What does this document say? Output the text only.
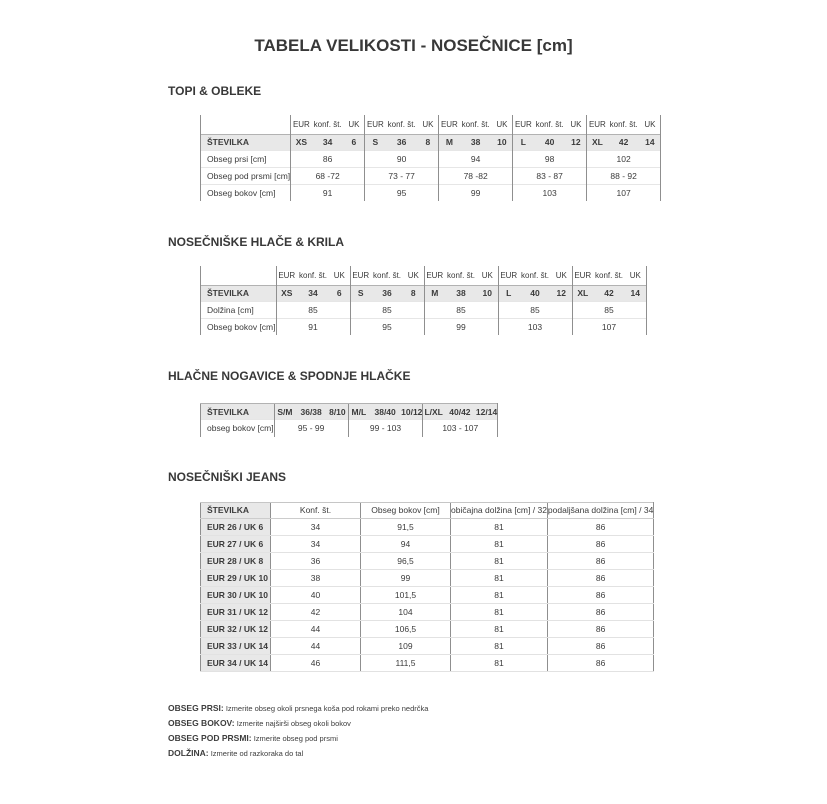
TABELA VELIKOSTI - NOSEČNICE [cm]
TOPI & OBLEKE
	EUR	konf. št.	UK	EUR	konf. št.	UK	EUR	konf. št.	UK	EUR	konf. št.	UK	EUR	konf. št.	UK
ŠTEVILKA	XS	34	6	S	36	8	M	38	10	L	40	12	XL	42	14
Obseg prsi [cm]	86			90			94			98			102		
Obseg pod prsmi [cm]	68 -72			73 - 77			78 -82			83 - 87			88 - 92		
Obseg bokov [cm]	91			95			99			103			107		
NOSEČNIŠKE HLAČE & KRILA
	EUR	konf. št.	UK	EUR	konf. št.	UK	EUR	konf. št.	UK	EUR	konf. št.	UK	EUR	konf. št.	UK
ŠTEVILKA	XS	34	6	S	36	8	M	38	10	L	40	12	XL	42	14
Dolžina [cm]	85			85			85			85			85		
Obseg bokov [cm]	91			95			99			103			107		
HLAČNE NOGAVICE & SPODNJE HLAČKE
ŠTEVILKA	S/M	36/38	8/10	M/L	38/40	10/12	L/XL	40/42	12/14
obseg bokov [cm]	95 - 99			99 - 103			103 - 107		
NOSEČNIŠKI JEANS
ŠTEVILKA	Konf. št.	Obseg bokov [cm]	običajna dolžina [cm] / 32	podaljšana dolžina [cm] / 34
EUR 26 / UK 6	34	91,5	81	86
EUR 27 / UK 6	34	94	81	86
EUR 28 / UK 8	36	96,5	81	86
EUR 29 / UK 10	38	99	81	86
EUR 30 / UK 10	40	101,5	81	86
EUR 31 / UK 12	42	104	81	86
EUR 32 / UK 12	44	106,5	81	86
EUR 33 / UK 14	44	109	81	86
EUR 34 / UK 14	46	111,5	81	86
OBSEG PRSI: Izmerite obseg okoli prsnega koša pod rokami preko nedrčka
OBSEG BOKOV: Izmerite najširši obseg okoli bokov
OBSEG POD PRSMI: Izmerite obseg pod prsmi
DOLŽINA: Izmerite od razkoraka do tal
